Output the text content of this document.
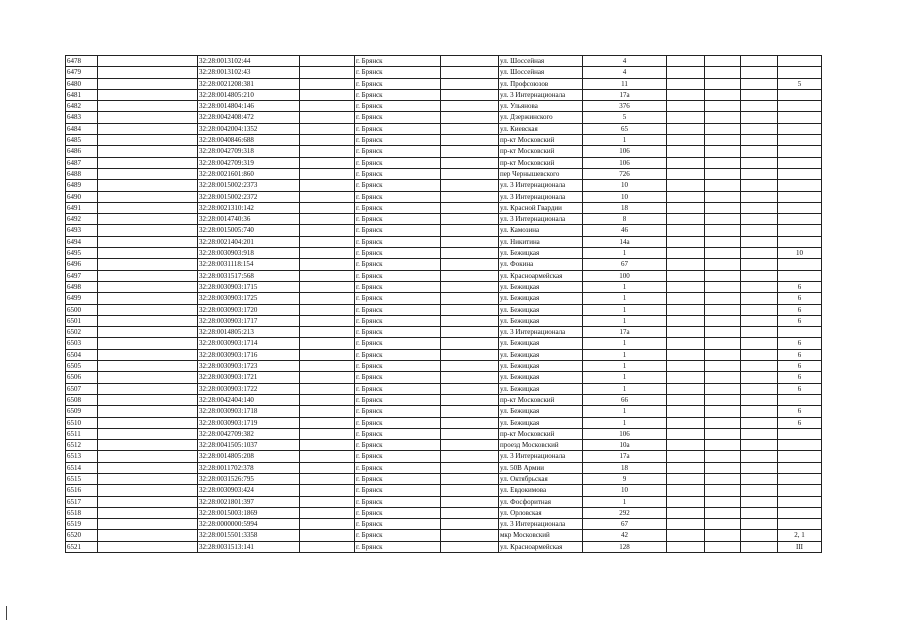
6478		32:28:0013102:44		г. Брянск		ул. Шоссейная	4				
6479		32:28:0013102:43		г. Брянск		ул. Шоссейная	4				
6480		32:28:0021208:381		г. Брянск		ул. Профсоюзов	11				5
6481		32:28:0014805:210		г. Брянск		ул. 3 Интернационала	17а				
6482		32:28:0014804:146		г. Брянск		ул. Ульянова	376				
6483		32:28:0042408:472		г. Брянск		ул. Дзержинского	5				
6484		32:28:0042004:1352		г. Брянск		ул. Киевская	65				
6485		32:28:0040846:688		г. Брянск		пр-кт Московский	1				
6486		32:28:0042709:318		г. Брянск		пр-кт Московский	106				
6487		32:28:0042709:319		г. Брянск		пр-кт Московский	106				
6488		32:28:0021601:860		г. Брянск		пер Чернышевского	726				
6489		32:28:0015002:2373		г. Брянск		ул. 3 Интернационала	10				
6490		32:28:0015002:2372		г. Брянск		ул. 3 Интернационала	10				
6491		32:28:0021310:142		г. Брянск		ул. Красной Гвардии	18				
6492		32:28:0014740:36		г. Брянск		ул. 3 Интернационала	8				
6493		32:28:0015005:740		г. Брянск		ул. Камозина	46				
6494		32:28:0021404:201		г. Брянск		ул. Никитина	14а				
6495		32:28:0030903:918		г. Брянск		ул. Бежицкая	1				10
6496		32:28:0031118:154		г. Брянск		ул. Фокина	67				
6497		32:28:0031517:568		г. Брянск		ул. Красноармейская	100				
6498		32:28:0030903:1715		г. Брянск		ул. Бежицкая	1				6
6499		32:28:0030903:1725		г. Брянск		ул. Бежицкая	1				6
6500		32:28:0030903:1720		г. Брянск		ул. Бежицкая	1				6
6501		32:28:0030903:1717		г. Брянск		ул. Бежицкая	1				6
6502		32:28:0014805:213		г. Брянск		ул. 3 Интернационала	17а				
6503		32:28:0030903:1714		г. Брянск		ул. Бежицкая	1				6
6504		32:28:0030903:1716		г. Брянск		ул. Бежицкая	1				6
6505		32:28:0030903:1723		г. Брянск		ул. Бежицкая	1				6
6506		32:28:0030903:1721		г. Брянск		ул. Бежицкая	1				6
6507		32:28:0030903:1722		г. Брянск		ул. Бежицкая	1				6
6508		32:28:0042404:140		г. Брянск		пр-кт Московский	66				
6509		32:28:0030903:1718		г. Брянск		ул. Бежицкая	1				6
6510		32:28:0030903:1719		г. Брянск		ул. Бежицкая	1				6
6511		32:28:0042709:382		г. Брянск		пр-кт Московский	106				
6512		32:28:0041505:1037		г. Брянск		проезд Московский	10а				
6513		32:28:0014805:208		г. Брянск		ул. 3 Интернационала	17а				
6514		32:28:0011702:378		г. Брянск		ул. 50В Армии	18				
6515		32:28:0031526:795		г. Брянск		ул. Октябрьская	9				
6516		32:28:0030903:424		г. Брянск		ул. Евдокимова	10				
6517		32:28:0021801:397		г. Брянск		ул. Фосфоритная	1				
6518		32:28:0015003:1869		г. Брянск		ул. Орловская	292				
6519		32:28:0000000:5994		г. Брянск		ул. 3 Интернационала	67				
6520		32:28:0015501:3358		г. Брянск		мкр Московский	42				2, 1
6521		32:28:0031513:141		г. Брянск		ул. Красноармейская	128				III
